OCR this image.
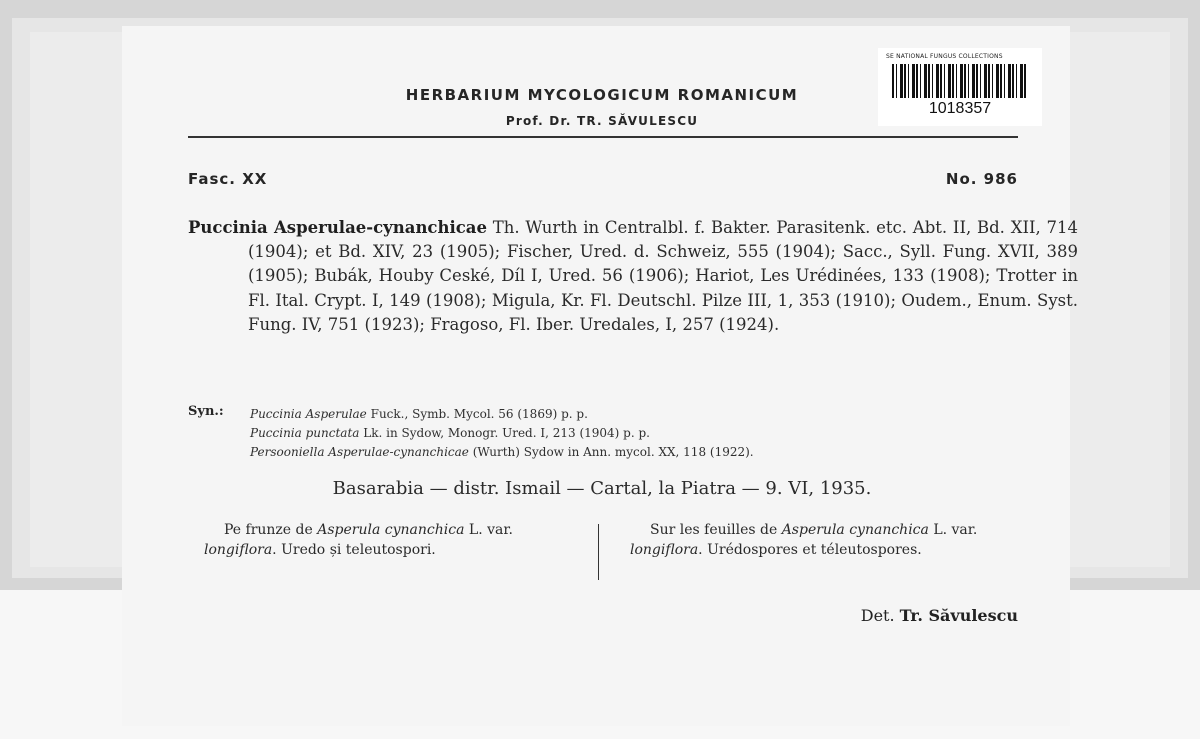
SE NATIONAL FUNGUS COLLECTIONS
1018357
HERBARIUM MYCOLOGICUM ROMANICUM
Prof. Dr. TR. SĂVULESCU
Fasc. XX	No. 986
Puccinia Asperulae-cynanchicae Th. Wurth in Centralbl. f. Bakter. Parasitenk. etc. Abt. II, Bd. XII, 714 (1904); et Bd. XIV, 23 (1905); Fischer, Ured. d. Schweiz, 555 (1904); Sacc., Syll. Fung. XVII, 389 (1905); Bubák, Houby Ceské, Díl I, Ured. 56 (1906); Hariot, Les Urédinées, 133 (1908); Trotter in Fl. Ital. Crypt. I, 149 (1908); Migula, Kr. Fl. Deutschl. Pilze III, 1, 353 (1910); Oudem., Enum. Syst. Fung. IV, 751 (1923); Fragoso, Fl. Iber. Uredales, I, 257 (1924).
Syn.: Puccinia Asperulae Fuck., Symb. Mycol. 56 (1869) p. p.
Puccinia punctata Lk. in Sydow, Monogr. Ured. I, 213 (1904) p. p.
Persooniella Asperulae-cynanchicae (Wurth) Sydow in Ann. mycol. XX, 118 (1922).
Basarabia — distr. Ismail — Cartal, la Piatra — 9. VI, 1935.
Pe frunze de Asperula cynanchica L. var. longiflora. Uredo și teleutospori.
Sur les feuilles de Asperula cynanchica L. var. longiflora. Urédospores et téleutospores.
Det. Tr. Săvulescu
